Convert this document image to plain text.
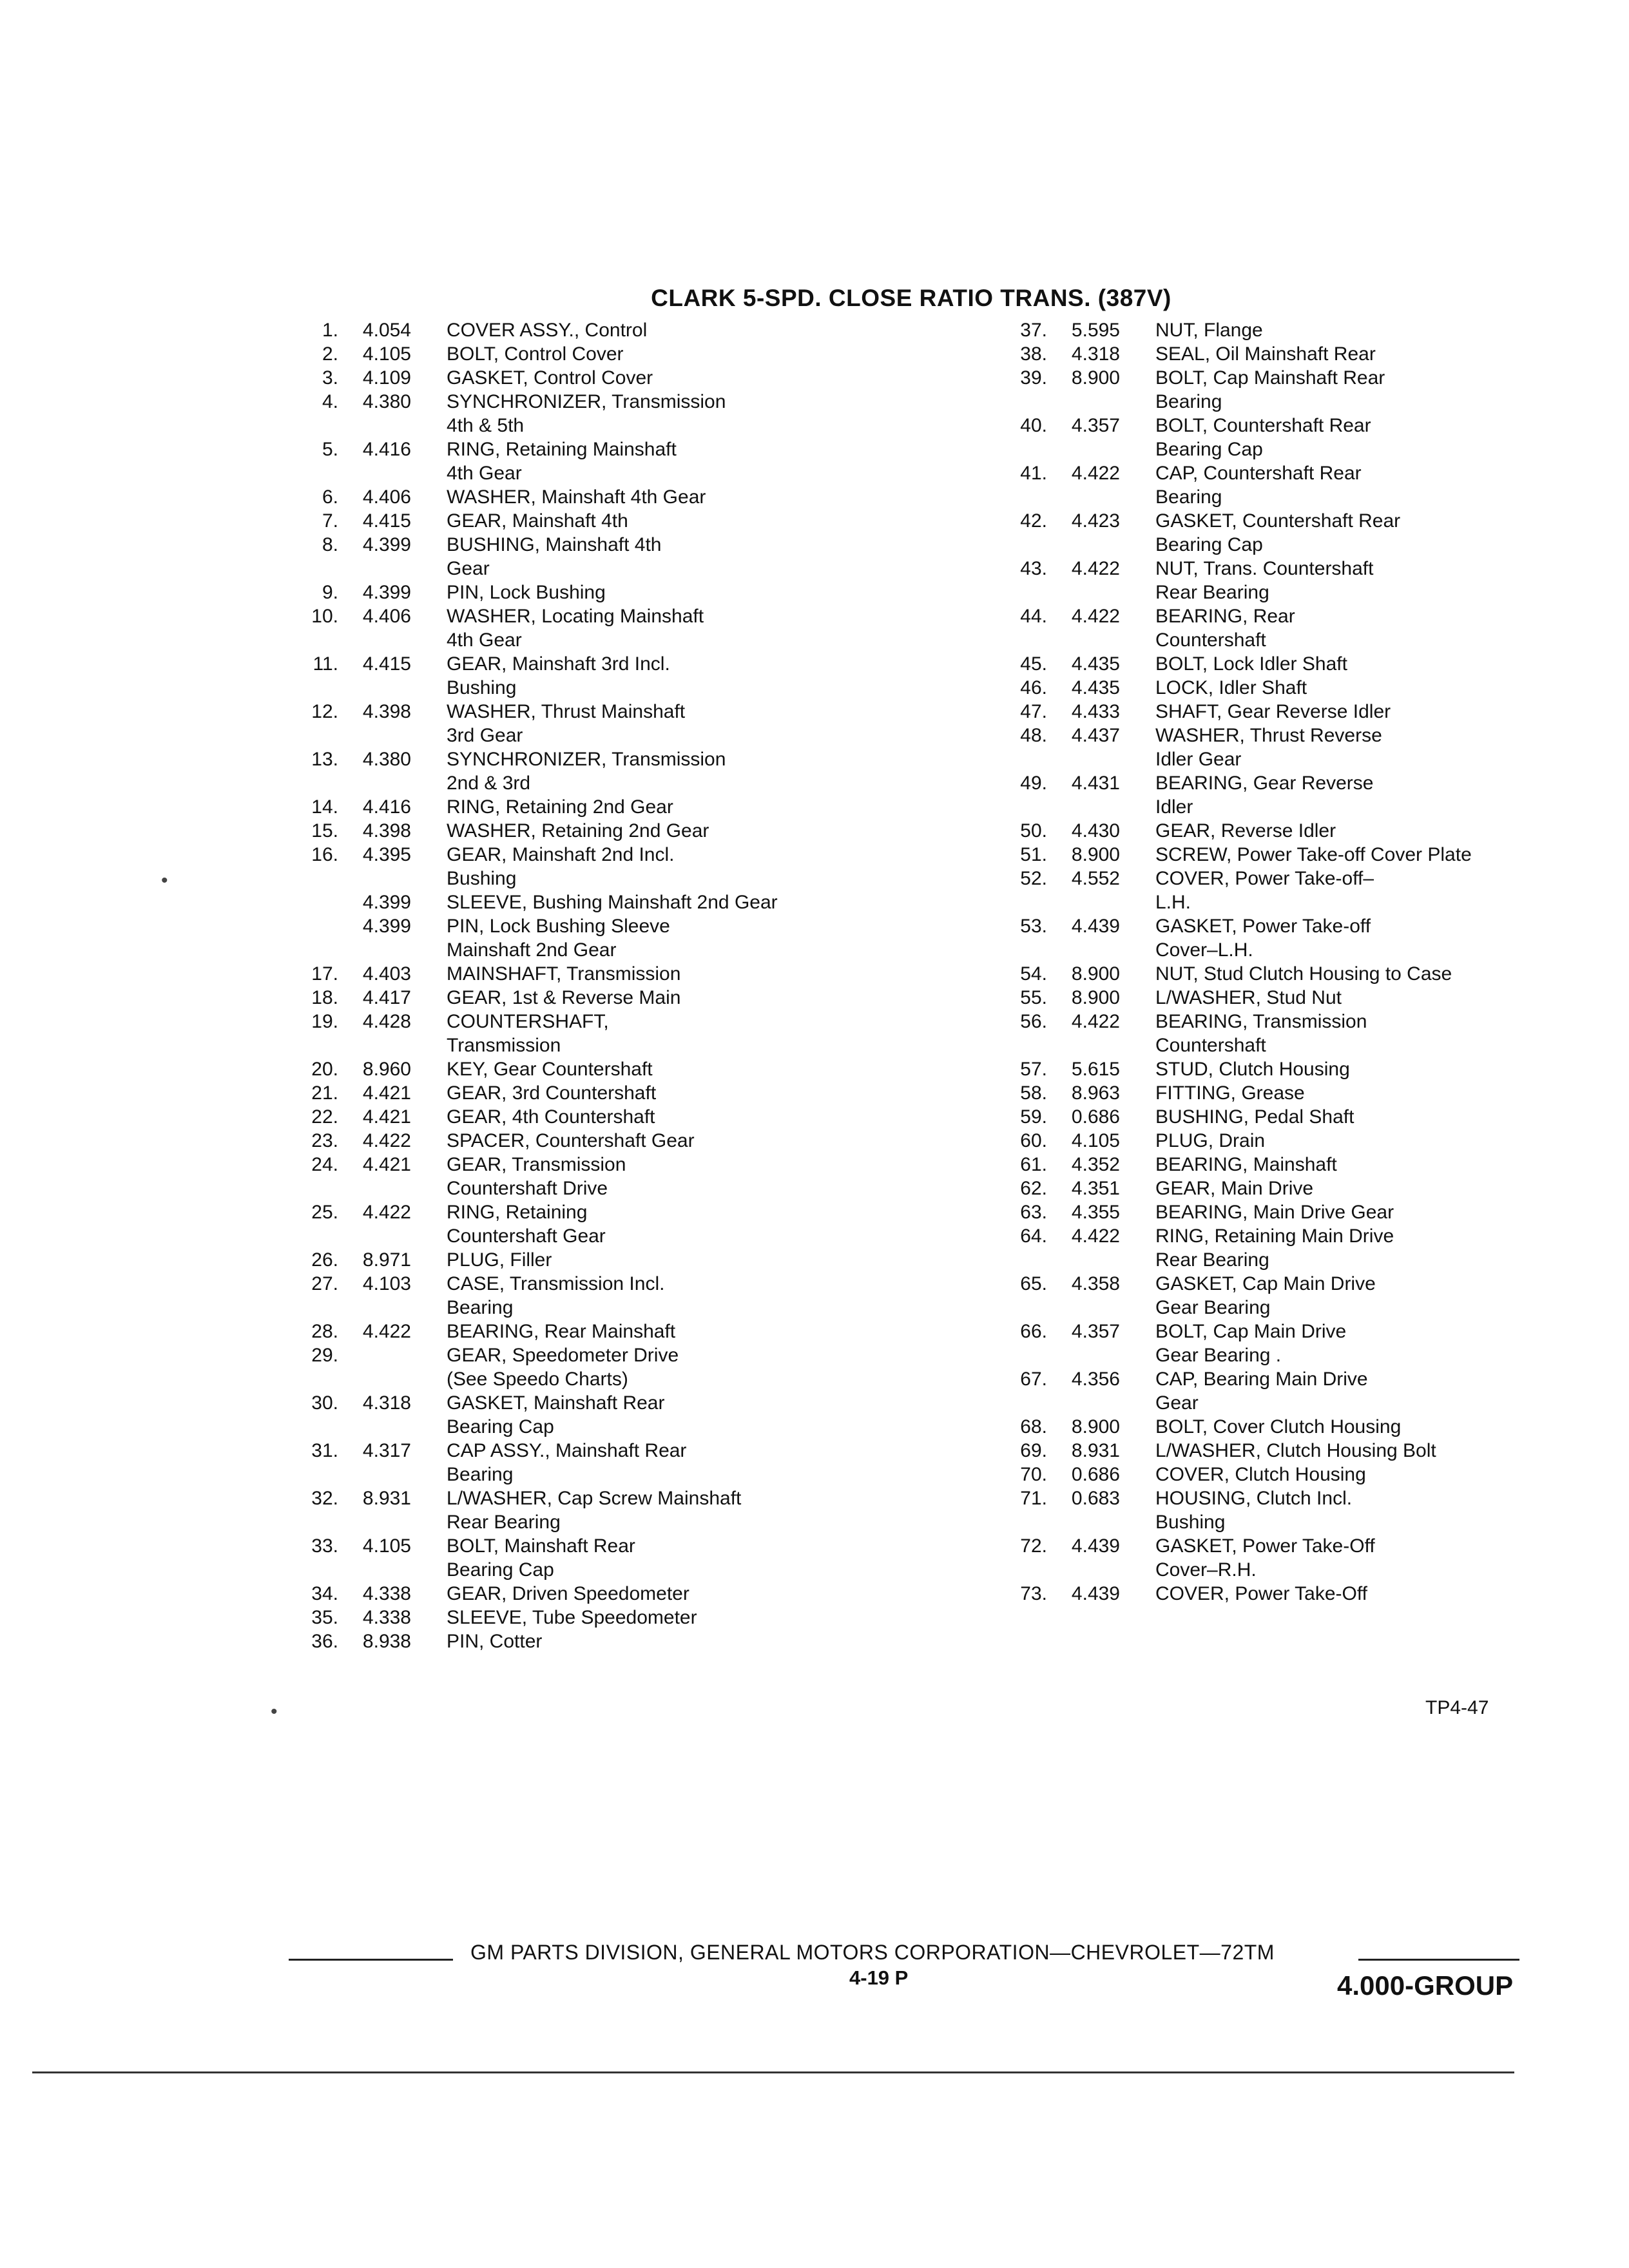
CLARK 5-SPD. CLOSE RATIO TRANS. (387V)
1.	4.054	COVER ASSY., Control
2.	4.105	BOLT, Control Cover
3.	4.109	GASKET, Control Cover
4.	4.380	SYNCHRONIZER, Transmission
4th & 5th
5.	4.416	RING, Retaining Mainshaft
4th Gear
6.	4.406	WASHER, Mainshaft 4th Gear
7.	4.415	GEAR, Mainshaft 4th
8.	4.399	BUSHING, Mainshaft 4th
Gear
9.	4.399	PIN, Lock Bushing
10.	4.406	WASHER, Locating Mainshaft
4th Gear
11.	4.415	GEAR, Mainshaft 3rd Incl.
Bushing
12.	4.398	WASHER, Thrust Mainshaft
3rd Gear
13.	4.380	SYNCHRONIZER, Transmission
2nd & 3rd
14.	4.416	RING, Retaining 2nd Gear
15.	4.398	WASHER, Retaining 2nd Gear
16.	4.395	GEAR, Mainshaft 2nd Incl.
Bushing
4.399	SLEEVE, Bushing Mainshaft 2nd Gear
4.399	PIN, Lock Bushing Sleeve
Mainshaft 2nd Gear
17.	4.403	MAINSHAFT, Transmission
18.	4.417	GEAR, 1st & Reverse Main
19.	4.428	COUNTERSHAFT,
Transmission
20.	8.960	KEY, Gear Countershaft
21.	4.421	GEAR, 3rd Countershaft
22.	4.421	GEAR, 4th Countershaft
23.	4.422	SPACER, Countershaft Gear
24.	4.421	GEAR, Transmission
Countershaft Drive
25.	4.422	RING, Retaining
Countershaft Gear
26.	8.971	PLUG, Filler
27.	4.103	CASE, Transmission Incl.
Bearing
28.	4.422	BEARING, Rear Mainshaft
29.	GEAR, Speedometer Drive
(See Speedo Charts)
30.	4.318	GASKET, Mainshaft Rear
Bearing Cap
31.	4.317	CAP ASSY., Mainshaft Rear
Bearing
32.	8.931	L/WASHER, Cap Screw Mainshaft
Rear Bearing
33.	4.105	BOLT, Mainshaft Rear
Bearing Cap
34.	4.338	GEAR, Driven Speedometer
35.	4.338	SLEEVE, Tube Speedometer
36.	8.938	PIN, Cotter
37.	5.595	NUT, Flange
38.	4.318	SEAL, Oil Mainshaft Rear
39.	8.900	BOLT, Cap Mainshaft Rear
Bearing
40.	4.357	BOLT, Countershaft Rear
Bearing Cap
41.	4.422	CAP, Countershaft Rear
Bearing
42.	4.423	GASKET, Countershaft Rear
Bearing Cap
43.	4.422	NUT, Trans. Countershaft
Rear Bearing
44.	4.422	BEARING, Rear
Countershaft
45.	4.435	BOLT, Lock Idler Shaft
46.	4.435	LOCK, Idler Shaft
47.	4.433	SHAFT, Gear Reverse Idler
48.	4.437	WASHER, Thrust Reverse
Idler Gear
49.	4.431	BEARING, Gear Reverse
Idler
50.	4.430	GEAR, Reverse Idler
51.	8.900	SCREW, Power Take-off Cover Plate
52.	4.552	COVER, Power Take-off–
L.H.
53.	4.439	GASKET, Power Take-off
Cover–L.H.
54.	8.900	NUT, Stud Clutch Housing to Case
55.	8.900	L/WASHER, Stud Nut
56.	4.422	BEARING, Transmission
Countershaft
57.	5.615	STUD, Clutch Housing
58.	8.963	FITTING, Grease
59.	0.686	BUSHING, Pedal Shaft
60.	4.105	PLUG, Drain
61.	4.352	BEARING, Mainshaft
62.	4.351	GEAR, Main Drive
63.	4.355	BEARING, Main Drive Gear
64.	4.422	RING, Retaining Main Drive
Rear Bearing
65.	4.358	GASKET, Cap Main Drive
Gear Bearing
66.	4.357	BOLT, Cap Main Drive
Gear Bearing .
67.	4.356	CAP, Bearing Main Drive
Gear
68.	8.900	BOLT, Cover Clutch Housing
69.	8.931	L/WASHER, Clutch Housing Bolt
70.	0.686	COVER, Clutch Housing
71.	0.683	HOUSING, Clutch Incl.
Bushing
72.	4.439	GASKET, Power Take-Off
Cover–R.H.
73.	4.439	COVER, Power Take-Off
TP4-47
GM PARTS DIVISION, GENERAL MOTORS CORPORATION—CHEVROLET—72TM
4-19 P	4.000-GROUP
•
•
